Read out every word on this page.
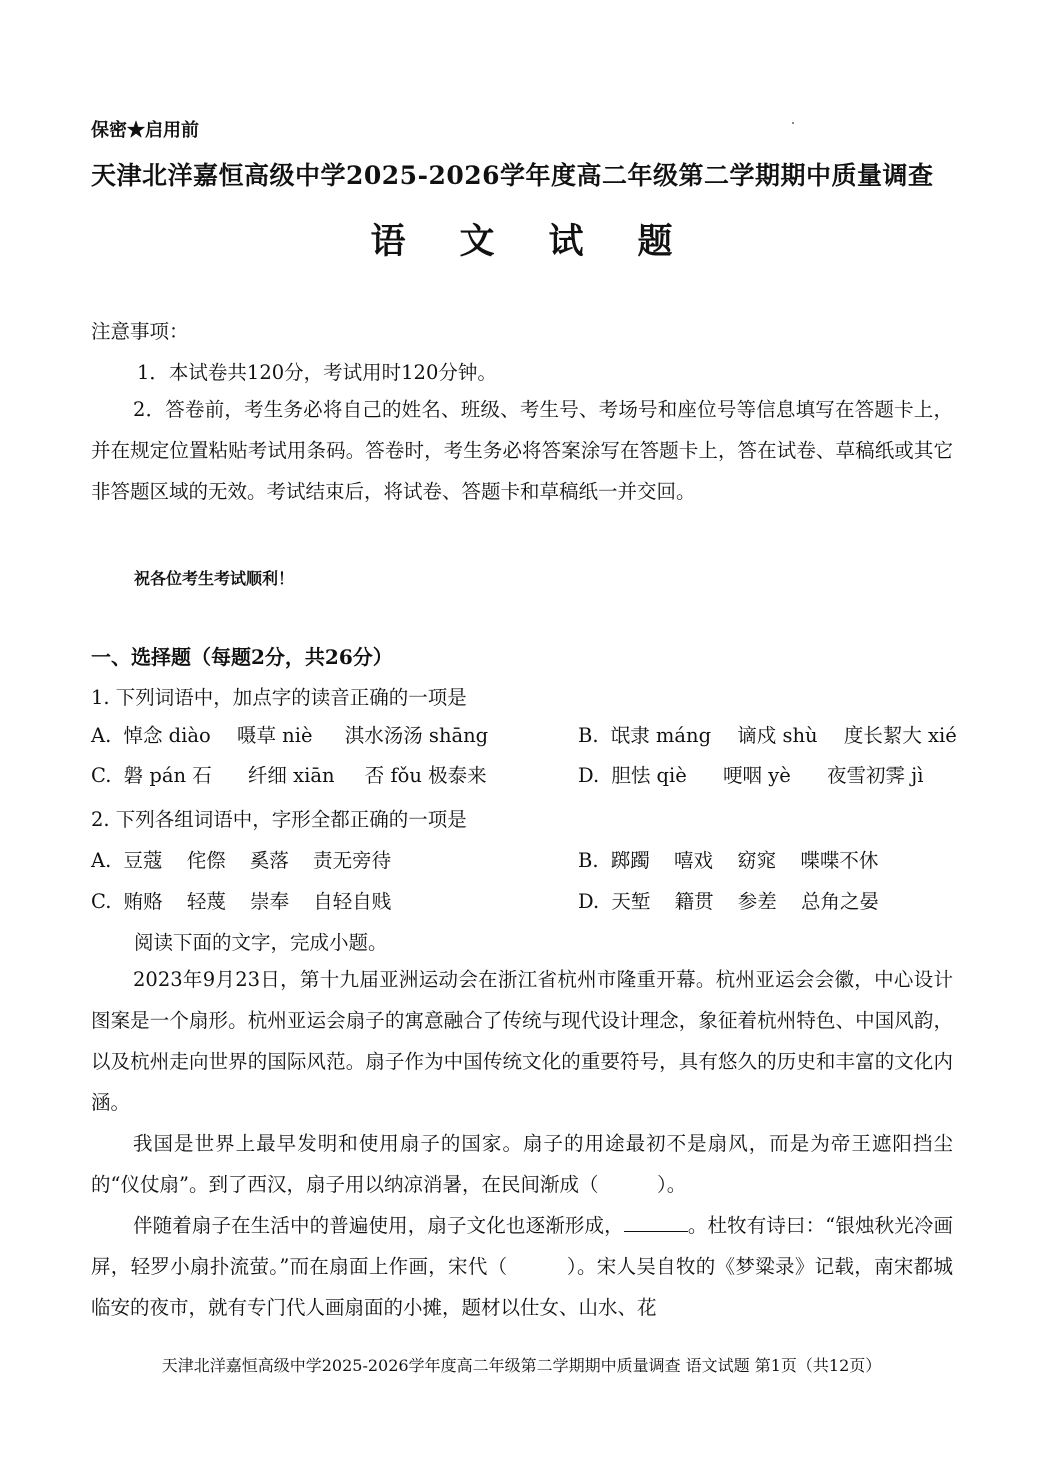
保密★启用前
天津北洋嘉恒高级中学2025-2026学年度高二年级第二学期期中质量调查
语文试题
注意事项：
1．本试卷共120分，考试用时120分钟。
2．答卷前，考生务必将自己的姓名、班级、考生号、考场号和座位号等信息填写在答题卡上，并在规定位置粘贴考试用条码。答卷时，考生务必将答案涂写在答题卡上，答在试卷、草稿纸或其它非答题区域的无效。考试结束后，将试卷、答题卡和草稿纸一并交回。
祝各位考生考试顺利！
一、选择题（每题2分，共26分）
1. 下列词语中，加点字的读音正确的一项是
A. 悼念 diào 嗫草 niè 淇水汤汤 shāng	B. 氓隶 máng 谪戍 shù 度长絜大 xié
C. 磐 pán 石 纤细 xiān 否 fǒu 极泰来	D. 胆怯 qiè 哽咽 yè 夜雪初霁 jì
2. 下列各组词语中，字形全都正确的一项是
A. 豆蔻 侘傺 奚落 责无旁待	B. 踯躅 嘻戏 窈窕 喋喋不休
C. 贿赂 轻蔑 崇奉 自轻自贱	D. 天堑 籍贯 参差 总角之晏
阅读下面的文字，完成小题。
2023年9月23日，第十九届亚洲运动会在浙江省杭州市隆重开幕。杭州亚运会会徽，中心设计图案是一个扇形。杭州亚运会扇子的寓意融合了传统与现代设计理念，象征着杭州特色、中国风韵，以及杭州走向世界的国际风范。扇子作为中国传统文化的重要符号，具有悠久的历史和丰富的文化内涵。
我国是世界上最早发明和使用扇子的国家。扇子的用途最初不是扇风，而是为帝王遮阳挡尘的“仪仗扇”。到了西汉，扇子用以纳凉消暑，在民间渐成（　　　）。
伴随着扇子在生活中的普遍使用，扇子文化也逐渐形成，	。杜牧有诗曰：“银烛秋光冷画屏，轻罗小扇扑流萤。”而在扇面上作画，宋代（　　　）。宋人吴自牧的《梦粱录》记载，南宋都城临安的夜市，就有专门代人画扇面的小摊，题材以仕女、山水、花
天津北洋嘉恒高级中学2025-2026学年度高二年级第二学期期中质量调查 语文试题 第1页（共12页）
